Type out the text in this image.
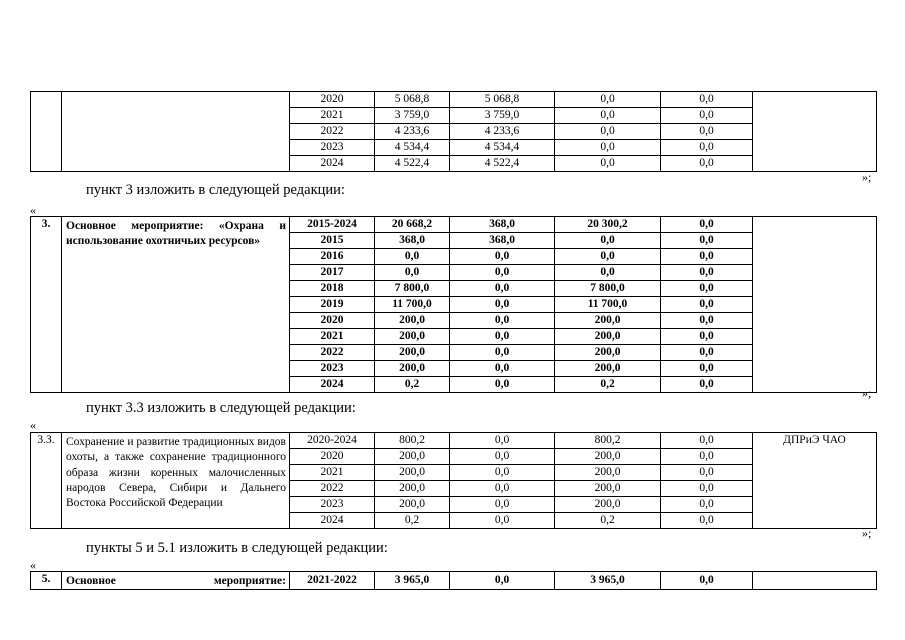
		2020	5 068,8	5 068,8	0,0	0,0	
		2021	3 759,0	3 759,0	0,0	0,0	
		2022	4 233,6	4 233,6	0,0	0,0	
		2023	4 534,4	4 534,4	0,0	0,0	
		2024	4 522,4	4 522,4	0,0	0,0	
»;
пункт 3 изложить в следующей редакции:
«
3.	Основное мероприятие: «Охрана и использование охотничьих ресурсов»	2015-2024	20 668,2	368,0	20 300,2	0,0	
		2015	368,0	368,0	0,0	0,0	
		2016	0,0	0,0	0,0	0,0	
		2017	0,0	0,0	0,0	0,0	
		2018	7 800,0	0,0	7 800,0	0,0	
		2019	11 700,0	0,0	11 700,0	0,0	
		2020	200,0	0,0	200,0	0,0	
		2021	200,0	0,0	200,0	0,0	
		2022	200,0	0,0	200,0	0,0	
		2023	200,0	0,0	200,0	0,0	
		2024	0,2	0,0	0,2	0,0	
»;
пункт 3.3 изложить в следующей редакции:
«
3.3.	Сохранение и развитие традиционных видов охоты, а также сохранение традиционного образа жизни коренных малочисленных народов Севера, Сибири и Дальнего Востока Российской Федерации	2020-2024	800,2	0,0	800,2	0,0	ДПРиЭ ЧАО
		2020	200,0	0,0	200,0	0,0	
		2021	200,0	0,0	200,0	0,0	
		2022	200,0	0,0	200,0	0,0	
		2023	200,0	0,0	200,0	0,0	
		2024	0,2	0,0	0,2	0,0	
»;
пункты 5 и 5.1 изложить в следующей редакции:
«
5.	Основное мероприятие:	2021-2022	3 965,0	0,0	3 965,0	0,0	
